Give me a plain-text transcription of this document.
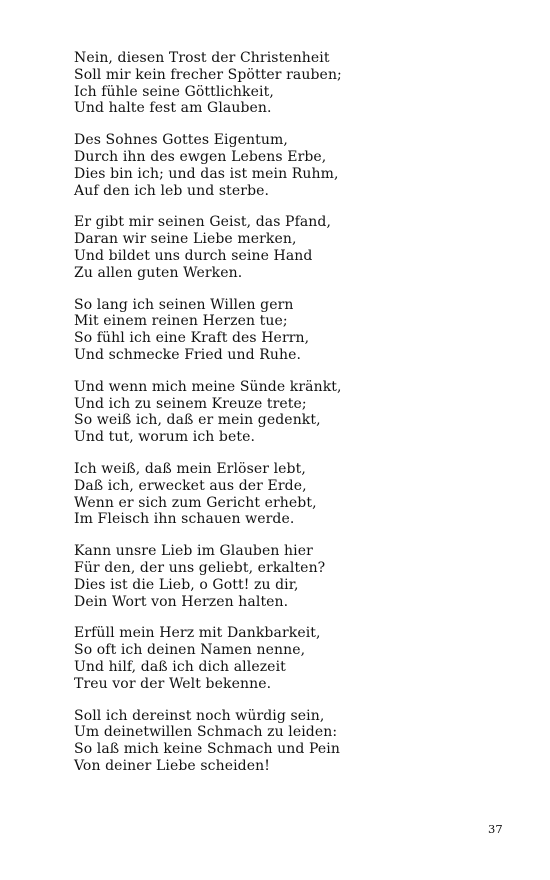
Nein, diesen Trost der Christenheit
Soll mir kein frecher Spötter rauben;
Ich fühle seine Göttlichkeit,
Und halte fest am Glauben.
Des Sohnes Gottes Eigentum,
Durch ihn des ewgen Lebens Erbe,
Dies bin ich; und das ist mein Ruhm,
Auf den ich leb und sterbe.
Er gibt mir seinen Geist, das Pfand,
Daran wir seine Liebe merken,
Und bildet uns durch seine Hand
Zu allen guten Werken.
So lang ich seinen Willen gern
Mit einem reinen Herzen tue;
So fühl ich eine Kraft des Herrn,
Und schmecke Fried und Ruhe.
Und wenn mich meine Sünde kränkt,
Und ich zu seinem Kreuze trete;
So weiß ich, daß er mein gedenkt,
Und tut, worum ich bete.
Ich weiß, daß mein Erlöser lebt,
Daß ich, erwecket aus der Erde,
Wenn er sich zum Gericht erhebt,
Im Fleisch ihn schauen werde.
Kann unsre Lieb im Glauben hier
Für den, der uns geliebt, erkalten?
Dies ist die Lieb, o Gott! zu dir,
Dein Wort von Herzen halten.
Erfüll mein Herz mit Dankbarkeit,
So oft ich deinen Namen nenne,
Und hilf, daß ich dich allezeit
Treu vor der Welt bekenne.
Soll ich dereinst noch würdig sein,
Um deinetwillen Schmach zu leiden:
So laß mich keine Schmach und Pein
Von deiner Liebe scheiden!
37
